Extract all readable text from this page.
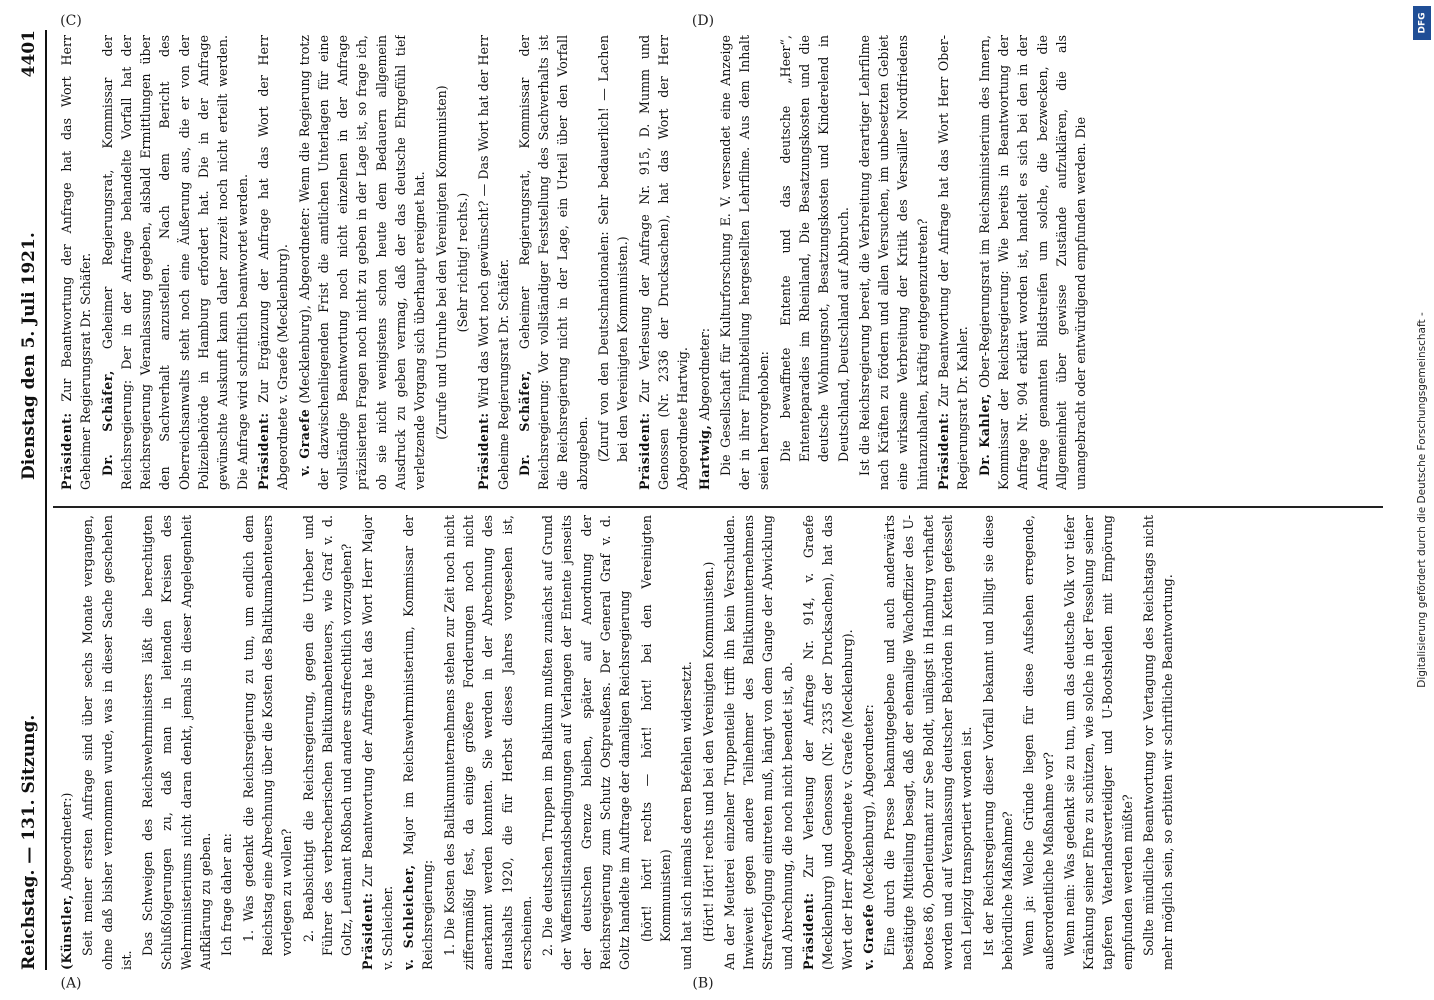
Reichstag. — 131. Sitzung.
Dienstag den 5. Juli 1921.
4401
(A)	(B)
(C)	(D)

(Künstler, Abgeordneter:) Seit meiner ersten Anfrage sind über sechs Monate vergangen, ohne daß bisher vernommen wurde, was in dieser Sache geschehen ist.

Das Schweigen des Reichswehrministers läßt die berechtigten Schlußfolgerungen zu, daß man in leitenden Kreisen des Wehrministeriums nicht daran denkt, jemals in dieser Angelegenheit Aufklärung zu geben. Ich frage daher an: 1. Was gedenkt die Reichsregierung zu tun, um endlich dem Reichstag eine Abrechnung über die Kosten des Baltikumabenteuers vorlegen zu wollen? 2. Beabsichtigt die Reichsregierung, gegen die Urheber und Führer des verbrecherischen Baltikumabenteuers, wie Graf v. d. Goltz, Leutnant Roßbach und andere strafrechtlich vorzugehen? Präsident: Zur Beantwortung der Anfrage hat das Wort Herr Major v. Schleicher. v. Schleicher, Major im Reichswehrministerium, Kommissar der Reichsregierung: 1. Die Kosten des Baltikumunternehmens stehen zur Zeit noch nicht ziffernmäßig fest, da einige größere Forderungen noch nicht anerkannt werden konnten. Sie werden in der Abrechnung des Haushalts 1920, die für Herbst dieses Jahres vorgesehen ist, erscheinen. 2. Die deutschen Truppen im Baltikum mußten zunächst auf Grund der Waffenstillstandsbedingungen auf Verlangen der Entente jenseits der deutschen Grenze bleiben, später auf Anordnung der Reichsregierung zum Schutz Ostpreußens. Der General Graf v. d. Goltz handelte im Auftrage der damaligen Reichsregierung (hört! hört! rechts — hört! hört! bei den Vereinigten Kommunisten) und hat sich niemals deren Befehlen widersetzt. (Hört! Hört! rechts und bei den Vereinigten Kommunisten.) An der Meuterei einzelner Truppenteile trifft ihn kein Verschulden. Inwieweit gegen andere Teilnehmer des Baltikumunternehmens Strafverfolgung eintreten muß, hängt von dem Gange der Abwicklung und Abrechnung, die noch nicht beendet ist, ab. Präsident: Zur Verlesung der Anfrage Nr. 914, v. Graefe (Mecklenburg) und Genossen (Nr. 2335 der Drucksachen), hat das Wort der Herr Abgeordnete v. Graefe (Mecklenburg). v. Graefe (Mecklenburg), Abgeordneter: Eine durch die Presse bekanntgegebene und auch anderwärts bestätigte Mitteilung besagt, daß der ehemalige Wachoffizier des U-Bootes 86, Oberleutnant zur See Boldt, unlängst in Hamburg verhaftet worden und auf Veranlassung deutscher Behörden in Ketten gefesselt nach Leipzig transportiert worden ist. Ist der Reichsregierung dieser Vorfall bekannt und billigt sie diese behördliche Maßnahme? Wenn ja: Welche Gründe liegen für diese Aufsehen erregende, außerordentliche Maßnahme vor? Wenn nein: Was gedenkt sie zu tun, um das deutsche Volk vor tiefer Kränkung seiner Ehre zu schützen, wie solche in der Fesselung seiner tapferen Vaterlandsverteidiger und U-Bootshelden mit Empörung empfunden werden müßte? Sollte mündliche Beantwortung vor Vertagung des Reichstags nicht mehr möglich sein, so erbitten wir schriftliche Beantwortung.

Präsident: Zur Beantwortung der Anfrage hat das Wort Herr Geheimer Regierungsrat Dr. Schäfer. Dr. Schäfer, Geheimer Regierungsrat, Kommissar der Reichsregierung: Der in der Anfrage behandelte Vorfall hat der Reichsregierung Veranlassung gegeben, alsbald Ermittlungen über den Sachverhalt anzustellen. Nach dem Bericht des Oberreichsanwalts steht noch eine Äußerung aus, die er von der Polizeibehörde in Hamburg erfordert hat. Die in der Anfrage gewünschte Auskunft kann daher zurzeit noch nicht erteilt werden. Die Anfrage wird schriftlich beantwortet werden. Präsident: Zur Ergänzung der Anfrage hat das Wort der Herr Abgeordnete v. Graefe (Mecklenburg). v. Graefe (Mecklenburg), Abgeordneter: Wenn die Regierung trotz der dazwischenliegenden Frist die amtlichen Unterlagen für eine vollständige Beantwortung noch nicht einzelnen in der Anfrage präzisierten Fragen noch nicht zu geben in der Lage ist, so frage ich, ob sie nicht wenigstens schon heute dem Bedauern allgemein Ausdruck zu geben vermag, daß der das deutsche Ehrgefühl tief verletzende Vorgang sich überhaupt ereignet hat. (Zurufe und Unruhe bei den Vereinigten Kommunisten) (Sehr richtig! rechts.)

Präsident: Wird das Wort noch gewünscht? — Das Wort hat der Herr Geheime Regierungsrat Dr. Schäfer. Dr. Schäfer, Geheimer Regierungsrat, Kommissar der Reichsregierung: Vor vollständiger Feststellung des Sachverhalts ist die Reichsregierung nicht in der Lage, ein Urteil über den Vorfall abzugeben. (Zuruf von den Deutschnationalen: Sehr bedauerlich! — Lachen bei den Vereinigten Kommunisten.) Präsident: Zur Verlesung der Anfrage Nr. 915, D. Mumm und Genossen (Nr. 2336 der Drucksachen), hat das Wort der Herr Abgeordnete Hartwig. Hartwig, Abgeordneter: Die Gesellschaft für Kulturforschung E. V. versendet eine Anzeige der in ihrer Filmabteilung hergestellten Lehrfilme. Aus dem Inhalt seien hervorgehoben: Die bewaffnete Entente und das deutsche „Heer“, Ententeparadies im Rheinland, Die Besatzungskosten und die deutsche Wohnungsnot, Besatzungskosten und Kinderelend in Deutschland, Deutschland auf Abbruch. Ist die Reichsregierung bereit, die Verbreitung derartiger Lehrfilme nach Kräften zu fördern und allen Versuchen, im unbesetzten Gebiet eine wirksame Verbreitung der Kritik des Versailler Nordfriedens hintanzuhalten, kräftig entgegenzutreten? Präsident: Zur Beantwortung der Anfrage hat das Wort Herr Ober-Regierungsrat Dr. Kahler. Dr. Kahler, Ober-Regierungsrat im Reichsministerium des Innern, Kommissar der Reichsregierung: Wie bereits in Beantwortung der Anfrage Nr. 904 erklärt worden ist, handelt es sich bei den in der Anfrage genannten Bildstreifen um solche, die bezwecken, die Allgemeinheit über gewisse Zustände aufzuklären, die als unangebracht oder entwürdigend empfunden werden. Die

DFG
Digitalisierung gefördert durch die Deutsche Forschungsgemeinschaft -
